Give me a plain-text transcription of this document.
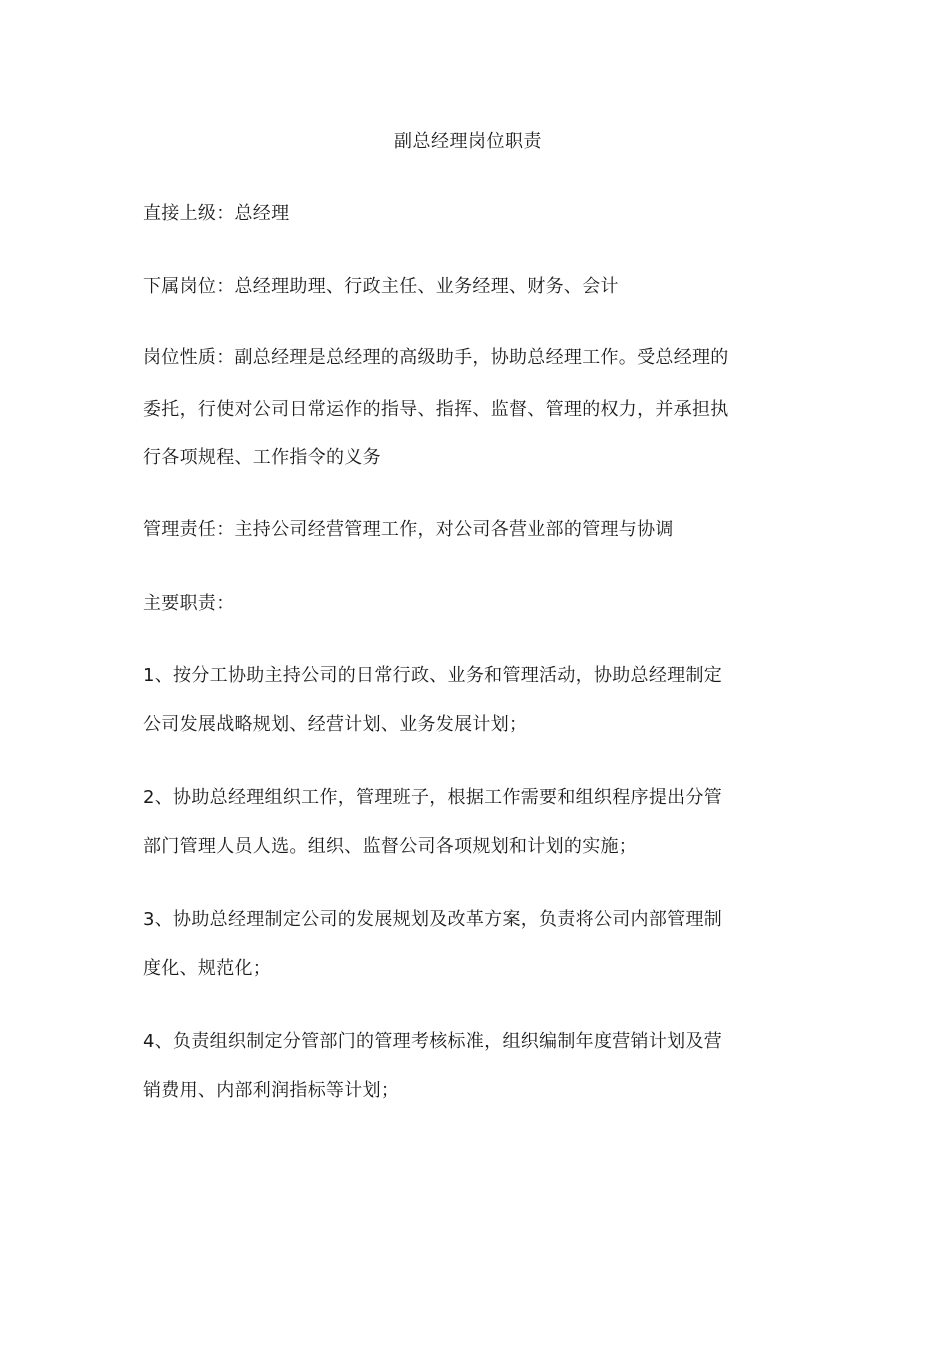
副总经理岗位职责
直接上级：总经理
下属岗位：总经理助理、行政主任、业务经理、财务、会计
岗位性质：副总经理是总经理的高级助手，协助总经理工作。受总经理的
委托，行使对公司日常运作的指导、指挥、监督、管理的权力，并承担执
行各项规程、工作指令的义务
管理责任：主持公司经营管理工作，对公司各营业部的管理与协调
主要职责：
1、按分工协助主持公司的日常行政、业务和管理活动，协助总经理制定
公司发展战略规划、经营计划、业务发展计划；
2、协助总经理组织工作，管理班子，根据工作需要和组织程序提出分管
部门管理人员人选。组织、监督公司各项规划和计划的实施；
3、协助总经理制定公司的发展规划及改革方案，负责将公司内部管理制
度化、规范化；
4、负责组织制定分管部门的管理考核标准，组织编制年度营销计划及营
销费用、内部利润指标等计划；
